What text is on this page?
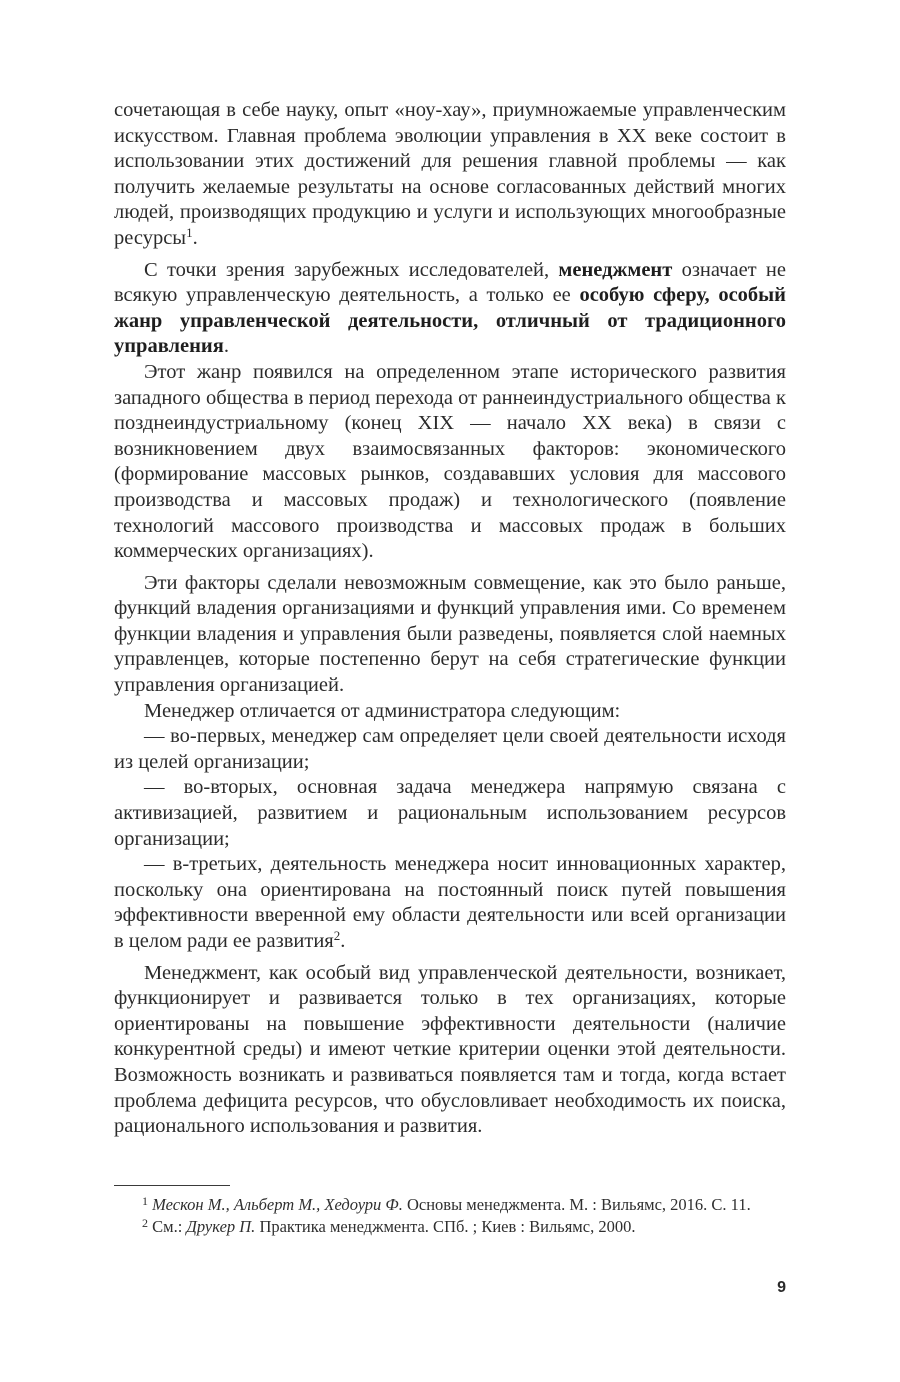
сочетающая в себе науку, опыт «ноу-хау», приумножаемые управленческим искусством. Главная проблема эволюции управления в XX веке состоит в использовании этих достижений для решения главной проблемы — как получить желаемые результаты на основе согласованных действий многих людей, производящих продукцию и услуги и использующих многообразные ресурсы$^1$.

С точки зрения зарубежных исследователей, менеджмент означает не всякую управленческую деятельность, а только ее особую сферу, особый жанр управленческой деятельности, отличный от традиционного управления.

Этот жанр появился на определенном этапе исторического развития западного общества в период перехода от раннеиндустриального общества к позднеиндустриальному (конец XIX — начало XX века) в связи с возникновением двух взаимосвязанных факторов: экономического (формирование массовых рынков, создававших условия для массового производства и массовых продаж) и технологического (появление технологий массового производства и массовых продаж в больших коммерческих организациях).

Эти факторы сделали невозможным совмещение, как это было раньше, функций владения организациями и функций управления ими. Со временем функции владения и управления были разведены, появляется слой наемных управленцев, которые постепенно берут на себя стратегические функции управления организацией.

Менеджер отличается от администратора следующим:

— во-первых, менеджер сам определяет цели своей деятельности исходя из целей организации;

— во-вторых, основная задача менеджера напрямую связана с активизацией, развитием и рациональным использованием ресурсов организации;

— в-третьих, деятельность менеджера носит инновационных характер, поскольку она ориентирована на постоянный поиск путей повышения эффективности вверенной ему области деятельности или всей организации в целом ради ее развития$^2$.

Менеджмент, как особый вид управленческой деятельности, возникает, функционирует и развивается только в тех организациях, которые ориентированы на повышение эффективности деятельности (наличие конкурентной среды) и имеют четкие критерии оценки этой деятельности. Возможность возникать и развиваться появляется там и тогда, когда встает проблема дефицита ресурсов, что обусловливает необходимость их поиска, рационального использования и развития.

$^1$ Мескон М., Альберт М., Хедоури Ф. Основы менеджмента. М. : Вильямс, 2016. С. 11.

$^2$ См.: Друкер П. Практика менеджмента. СПб. ; Киев : Вильямс, 2000.

9
